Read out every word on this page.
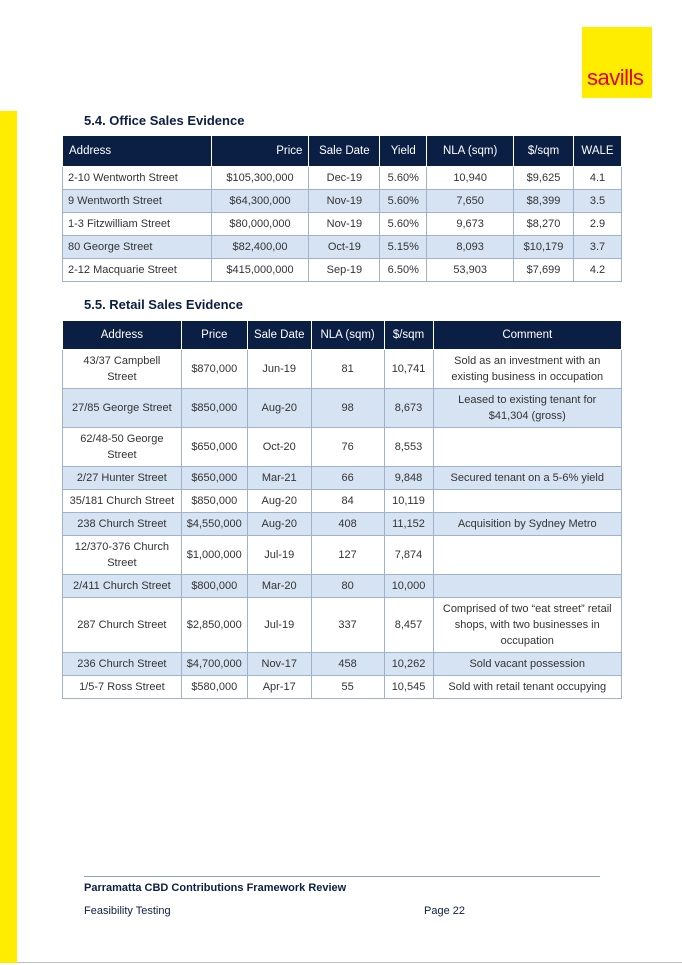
savills
5.4. Office Sales Evidence
Address	Price	Sale Date	Yield	NLA (sqm)	$/sqm	WALE
2-10 Wentworth Street	$105,300,000	Dec-19	5.60%	10,940	$9,625	4.1
9 Wentworth Street	$64,300,000	Nov-19	5.60%	7,650	$8,399	3.5
1-3 Fitzwilliam Street	$80,000,000	Nov-19	5.60%	9,673	$8,270	2.9
80 George Street	$82,400,00	Oct-19	5.15%	8,093	$10,179	3.7
2-12 Macquarie Street	$415,000,000	Sep-19	6.50%	53,903	$7,699	4.2
5.5. Retail Sales Evidence
Address	Price	Sale Date	NLA (sqm)	$/sqm	Comment
43/37 Campbell Street	$870,000	Jun-19	81	10,741	Sold as an investment with an existing business in occupation
27/85 George Street	$850,000	Aug-20	98	8,673	Leased to existing tenant for $41,304 (gross)
62/48-50 George Street	$650,000	Oct-20	76	8,553	
2/27 Hunter Street	$650,000	Mar-21	66	9,848	Secured tenant on a 5-6% yield
35/181 Church Street	$850,000	Aug-20	84	10,119	
238 Church Street	$4,550,000	Aug-20	408	11,152	Acquisition by Sydney Metro
12/370-376 Church Street	$1,000,000	Jul-19	127	7,874	
2/411 Church Street	$800,000	Mar-20	80	10,000	
287 Church Street	$2,850,000	Jul-19	337	8,457	Comprised of two “eat street” retail shops, with two businesses in occupation
236 Church Street	$4,700,000	Nov-17	458	10,262	Sold vacant possession
1/5-7 Ross Street	$580,000	Apr-17	55	10,545	Sold with retail tenant occupying
Parramatta CBD Contributions Framework Review
Feasibility Testing	Page 22
